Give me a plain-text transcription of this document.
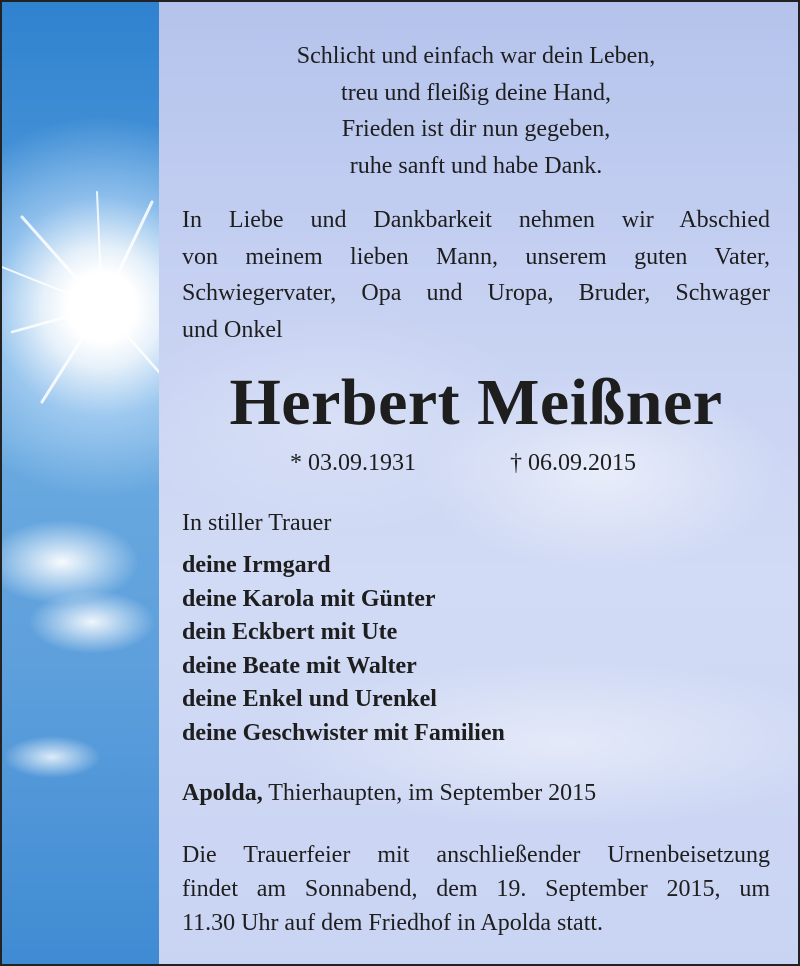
Schlicht und einfach war dein Leben,
treu und fleißig deine Hand,
Frieden ist dir nun gegeben,
ruhe sanft und habe Dank.
In Liebe und Dankbarkeit nehmen wir Abschied
von meinem lieben Mann, unserem guten Vater,
Schwiegervater, Opa und Uropa, Bruder, Schwager
und Onkel
Herbert Meißner
* 03.09.1931	† 06.09.2015
In stiller Trauer
deine Irmgard
deine Karola mit Günter
dein Eckbert mit Ute
deine Beate mit Walter
deine Enkel und Urenkel
deine Geschwister mit Familien
Apolda, Thierhaupten, im September 2015
Die Trauerfeier mit anschließender Urnenbeisetzung
findet am Sonnabend, dem 19. September 2015, um
11.30 Uhr auf dem Friedhof in Apolda statt.
